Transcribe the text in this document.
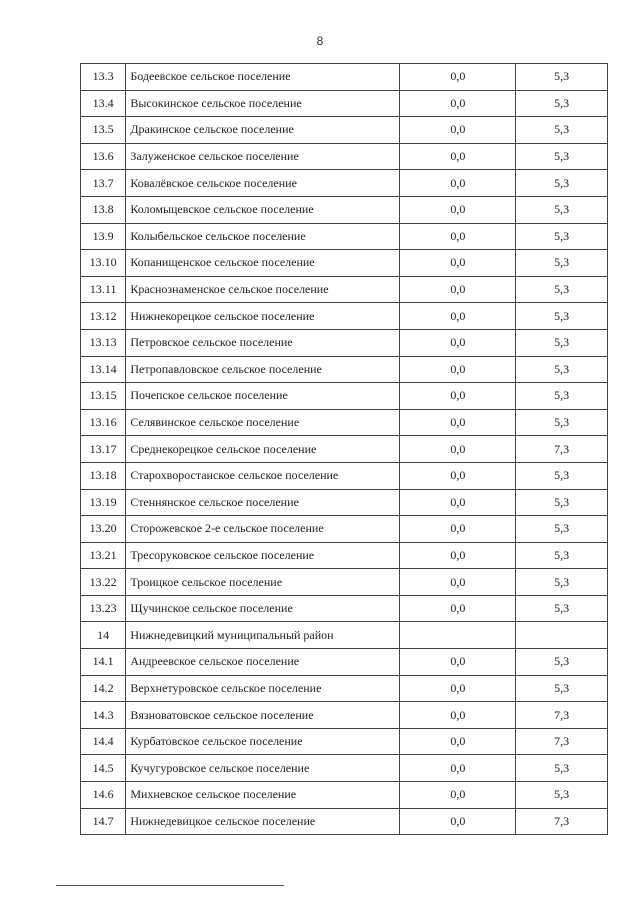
8
13.3	Бодеевское сельское поселение	0,0	5,3
13.4	Высокинское сельское поселение	0,0	5,3
13.5	Дракинское сельское поселение	0,0	5,3
13.6	Залуженское сельское поселение	0,0	5,3
13.7	Ковалёвское сельское поселение	0,0	5,3
13.8	Коломыцевское сельское поселение	0,0	5,3
13.9	Колыбельское сельское поселение	0,0	5,3
13.10	Копанищенское сельское поселение	0,0	5,3
13.11	Краснознаменское сельское поселение	0,0	5,3
13.12	Нижнекорецкое сельское поселение	0,0	5,3
13.13	Петровское сельское поселение	0,0	5,3
13.14	Петропавловское сельское поселение	0,0	5,3
13.15	Почепское сельское поселение	0,0	5,3
13.16	Селявинское сельское поселение	0,0	5,3
13.17	Среднекорецкое сельское поселение	0,0	7,3
13.18	Старохворостанское сельское поселение	0,0	5,3
13.19	Стеннянское сельское поселение	0,0	5,3
13.20	Сторожевское 2-е сельское поселение	0,0	5,3
13.21	Тресоруковское сельское поселение	0,0	5,3
13.22	Троицкое сельское поселение	0,0	5,3
13.23	Щучинское сельское поселение	0,0	5,3
14	Нижнедевицкий муниципальный район		
14.1	Андреевское сельское поселение	0,0	5,3
14.2	Верхнетуровское сельское поселение	0,0	5,3
14.3	Вязноватовское сельское поселение	0,0	7,3
14.4	Курбатовское сельское поселение	0,0	7,3
14.5	Кучугуровское сельское поселение	0,0	5,3
14.6	Михневское сельское поселение	0,0	5,3
14.7	Нижнедевицкое сельское поселение	0,0	7,3
